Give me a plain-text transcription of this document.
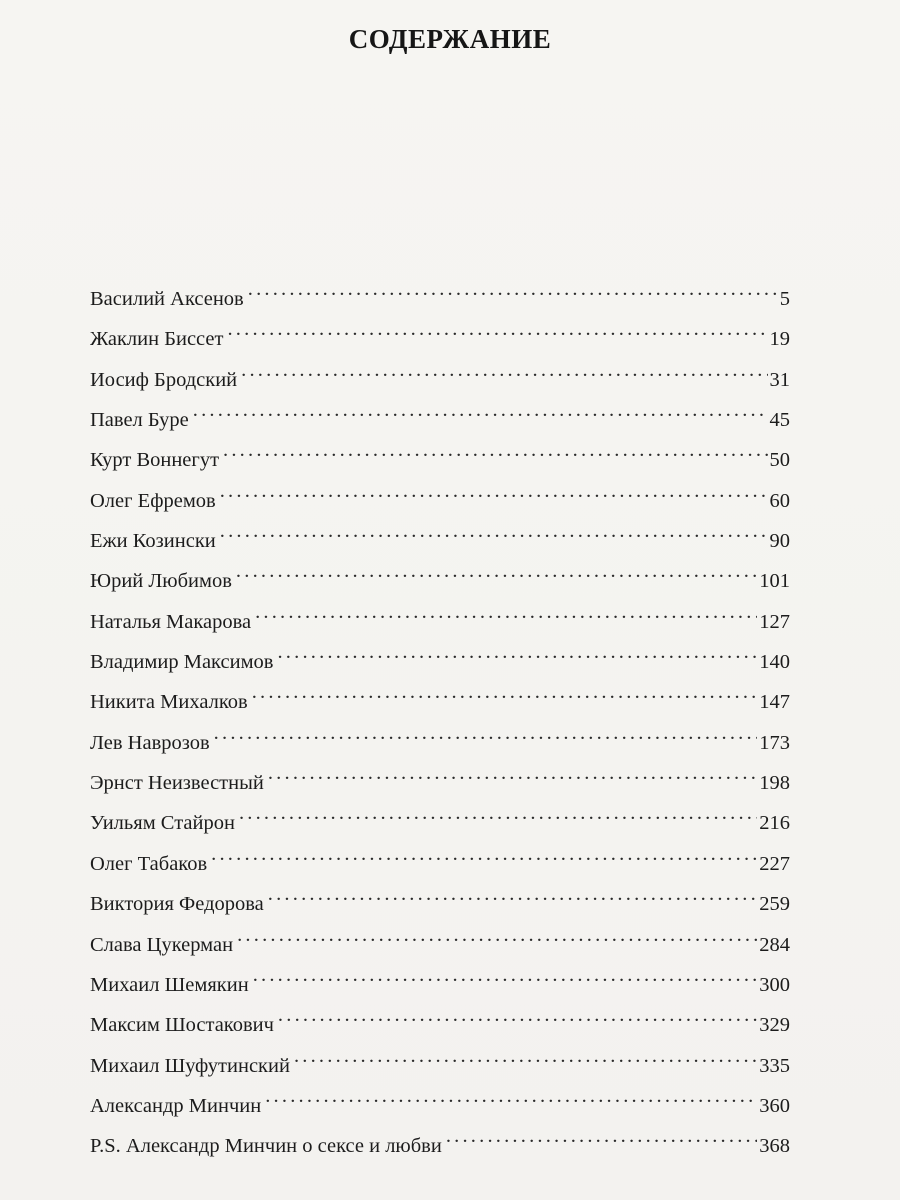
СОДЕРЖАНИЕ
Василий Аксенов .....	5
Жаклин Биссет .....	19
Иосиф Бродский .....	31
Павел Буре .....	45
Курт Воннегут .....	50
Олег Ефремов .....	60
Ежи Козински .....	90
Юрий Любимов .....	101
Наталья Макарова .....	127
Владимир Максимов .....	140
Никита Михалков .....	147
Лев Наврозов .....	173
Эрнст Неизвестный .....	198
Уильям Стайрон .....	216
Олег Табаков .....	227
Виктория Федорова .....	259
Слава Цукерман .....	284
Михаил Шемякин .....	300
Максим Шостакович .....	329
Михаил Шуфутинский .....	335
Александр Минчин .....	360
P.S. Александр Минчин о сексе и любви .....	368
